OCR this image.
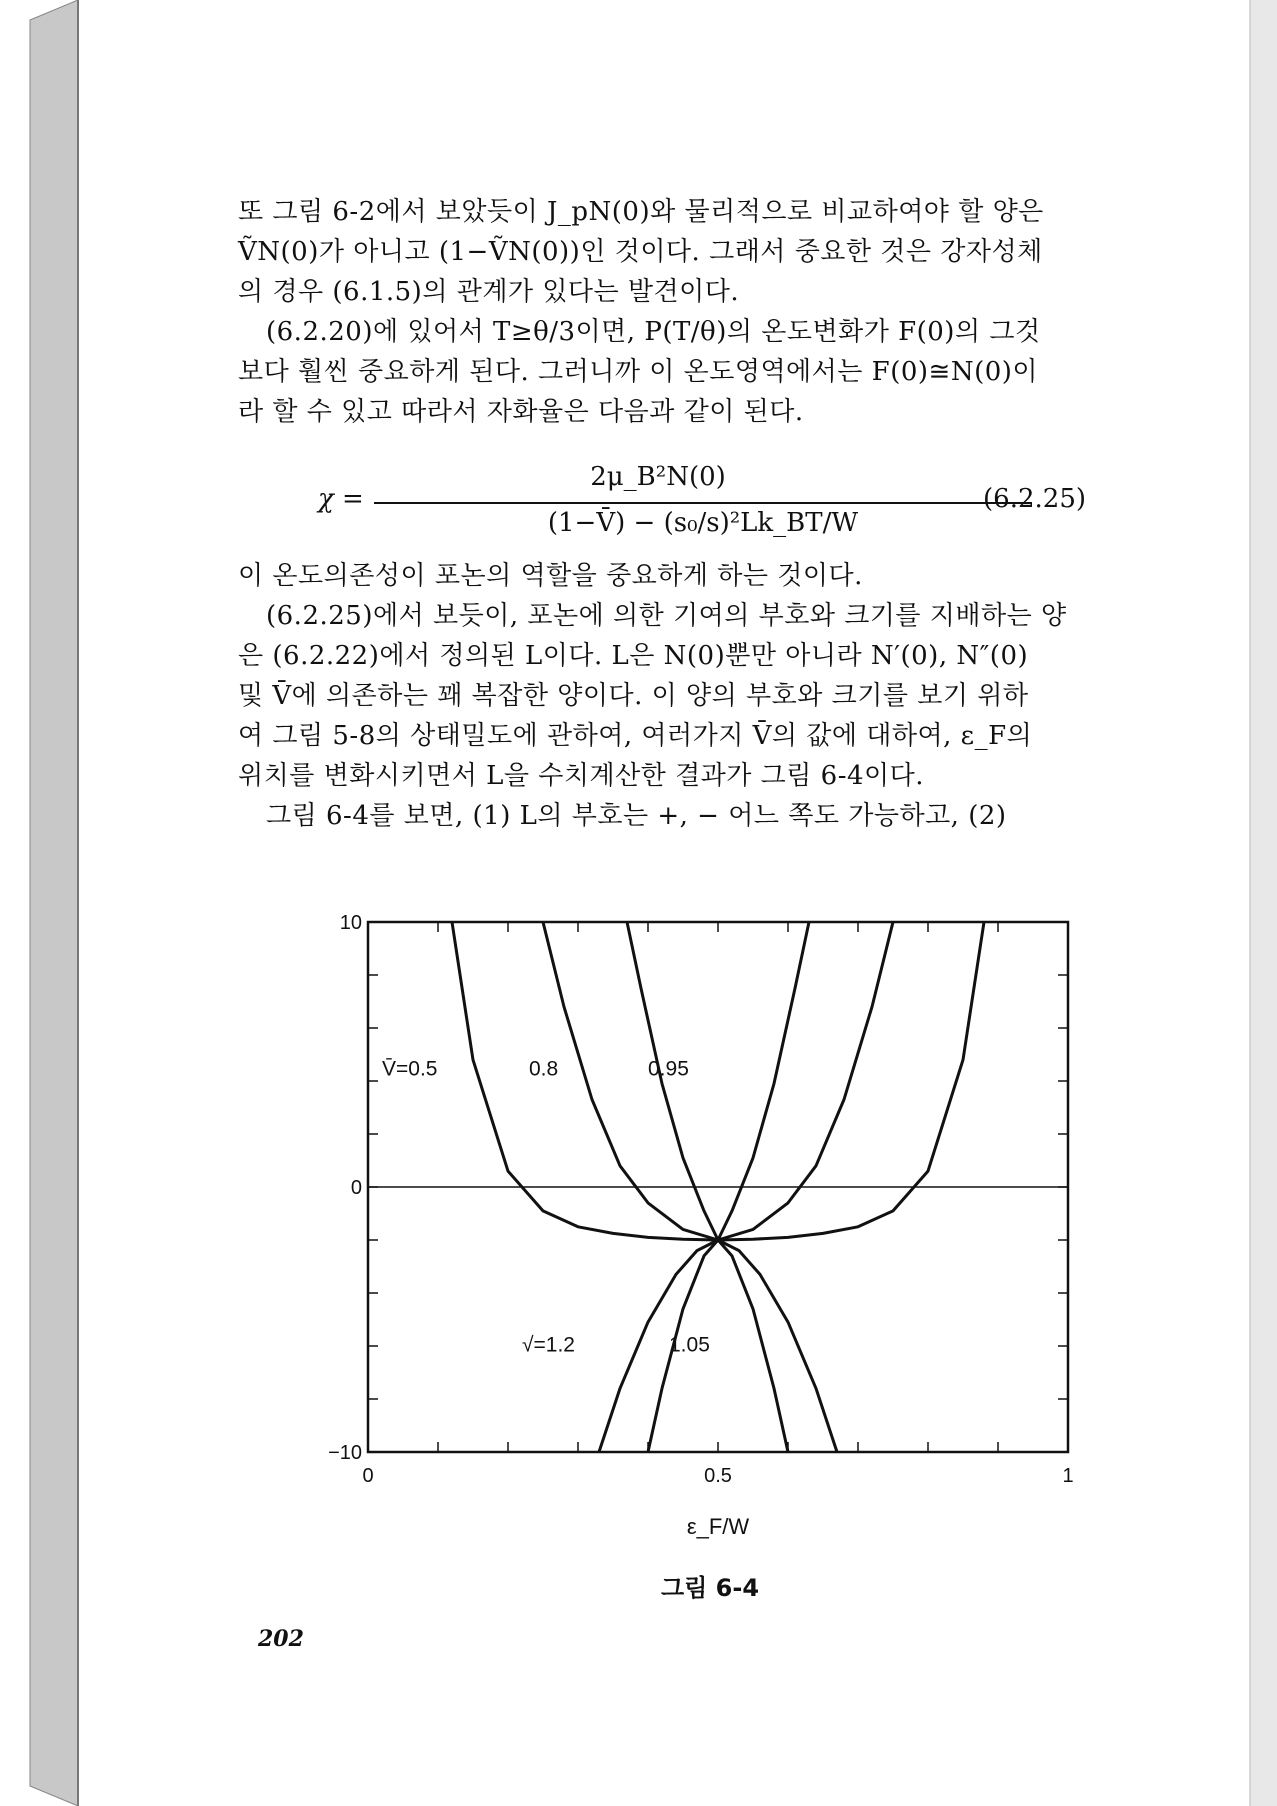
또 그림 6-2에서 보았듯이 J_pN(0)와 물리적으로 비교하여야 할 양은
ṼN(0)가 아니고 (1−ṼN(0))인 것이다. 그래서 중요한 것은 강자성체
의 경우 (6.1.5)의 관계가 있다는 발견이다.
(6.2.20)에 있어서 T≥θ/3이면, P(T/θ)의 온도변화가 F(0)의 그것
보다 훨씬 중요하게 된다. 그러니까 이 온도영역에서는 F(0)≅N(0)이
라 할 수 있고 따라서 자화율은 다음과 같이 된다.
χ =
2μ_B²N(0)
(1−V̄) − (s₀/s)²Lk_BT/W
(6.2.25)
이 온도의존성이 포논의 역할을 중요하게 하는 것이다.
(6.2.25)에서 보듯이, 포논에 의한 기여의 부호와 크기를 지배하는 양
은 (6.2.22)에서 정의된 L이다. L은 N(0)뿐만 아니라 N′(0), N″(0)
및 V̄에 의존하는 꽤 복잡한 양이다. 이 양의 부호와 크기를 보기 위하
여 그림 5-8의 상태밀도에 관하여, 여러가지 V̄의 값에 대하여, ε_F의
위치를 변화시키면서 L을 수치계산한 결과가 그림 6-4이다.
그림 6-4를 보면, (1) L의 부호는 +, − 어느 쪽도 가능하고, (2)
0	0.5	1
10
0
−10
ε_F/W
V̄=0.5	0.8	0.95
1.05
√=1.2
그림 6-4
202
